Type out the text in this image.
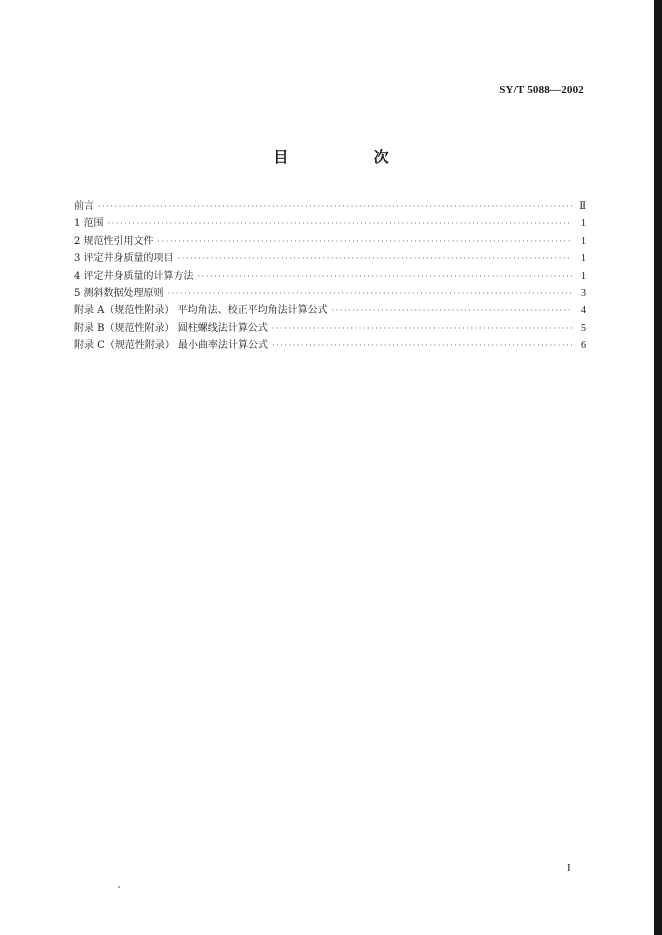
SY/T 5088—2002
目 次
前言 ·····	Ⅱ
1 范围 ·····	1
2 规范性引用文件 ·····	1
3 评定井身质量的项目 ·····	1
4 评定井身质量的计算方法 ·····	1
5 测斜数据处理原则 ·····	3
附录 A（规范性附录） 平均角法、校正平均角法计算公式 ·····	4
附录 B（规范性附录） 圆柱螺线法计算公式 ·····	5
附录 C（规范性附录） 最小曲率法计算公式 ·····	6
I
